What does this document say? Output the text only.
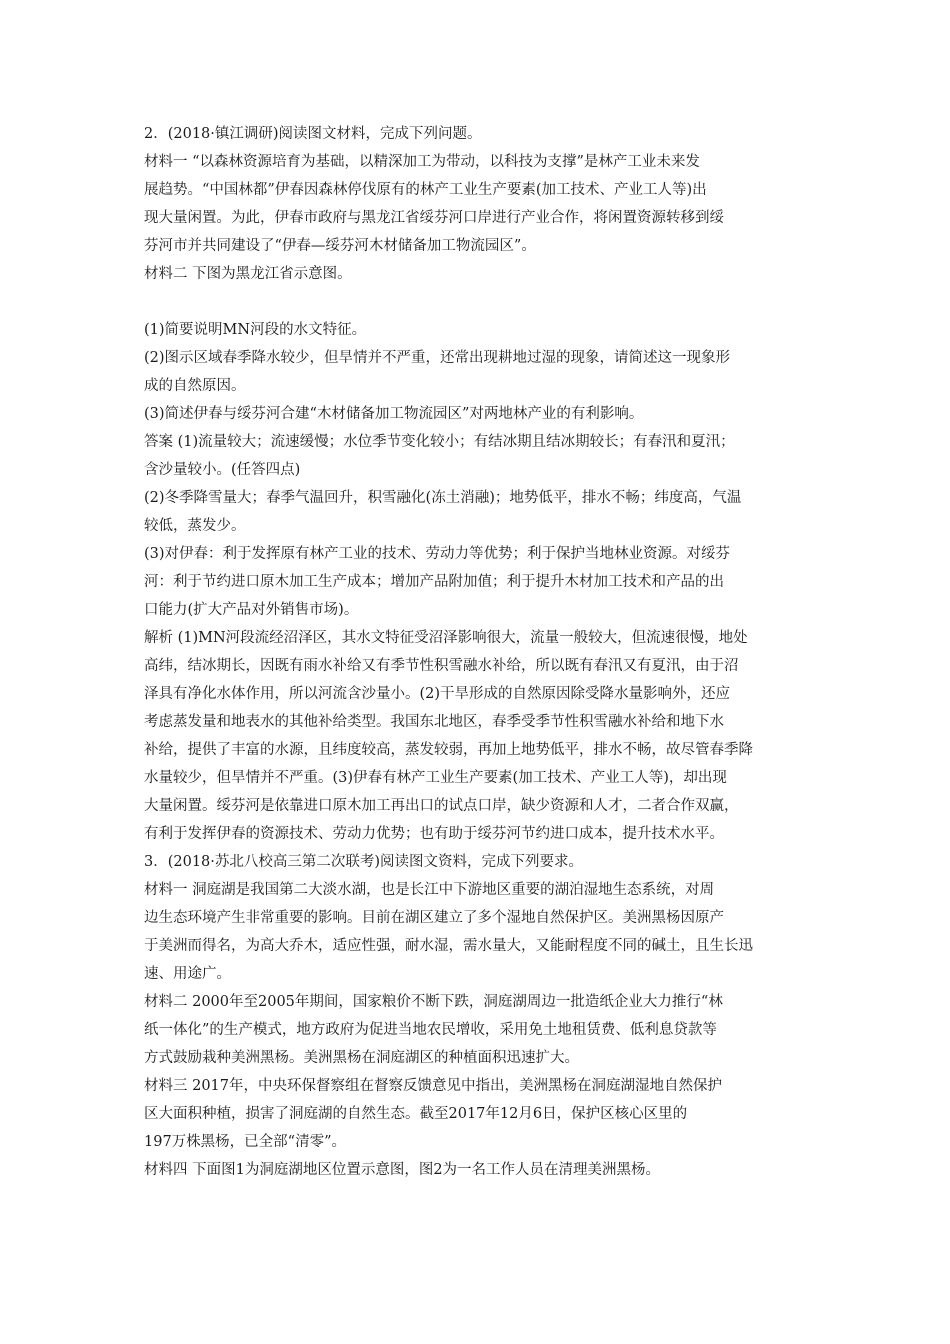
2．(2018·镇江调研)阅读图文材料，完成下列问题。
材料一 “以森林资源培育为基础，以精深加工为带动，以科技为支撑”是林产工业未来发
展趋势。“中国林都”伊春因森林停伐原有的林产工业生产要素(加工技术、产业工人等)出
现大量闲置。为此，伊春市政府与黑龙江省绥芬河口岸进行产业合作，将闲置资源转移到绥
芬河市并共同建设了“伊春—绥芬河木材储备加工物流园区”。
材料二 下图为黑龙江省示意图。
(1)简要说明MN河段的水文特征。
(2)图示区域春季降水较少，但旱情并不严重，还常出现耕地过湿的现象，请简述这一现象形
成的自然原因。
(3)简述伊春与绥芬河合建“木材储备加工物流园区”对两地林产业的有利影响。
答案 (1)流量较大；流速缓慢；水位季节变化较小；有结冰期且结冰期较长；有春汛和夏汛；
含沙量较小。(任答四点)
(2)冬季降雪量大；春季气温回升，积雪融化(冻土消融)；地势低平，排水不畅；纬度高，气温
较低，蒸发少。
(3)对伊春：利于发挥原有林产工业的技术、劳动力等优势；利于保护当地林业资源。对绥芬
河：利于节约进口原木加工生产成本；增加产品附加值；利于提升木材加工技术和产品的出
口能力(扩大产品对外销售市场)。
解析 (1)MN河段流经沼泽区，其水文特征受沼泽影响很大，流量一般较大，但流速很慢，地处
高纬，结冰期长，因既有雨水补给又有季节性积雪融水补给，所以既有春汛又有夏汛，由于沼
泽具有净化水体作用，所以河流含沙量小。(2)干旱形成的自然原因除受降水量影响外，还应
考虑蒸发量和地表水的其他补给类型。我国东北地区，春季受季节性积雪融水补给和地下水
补给，提供了丰富的水源，且纬度较高，蒸发较弱，再加上地势低平，排水不畅，故尽管春季降
水量较少，但旱情并不严重。(3)伊春有林产工业生产要素(加工技术、产业工人等)，却出现
大量闲置。绥芬河是依靠进口原木加工再出口的试点口岸，缺少资源和人才，二者合作双赢，
有利于发挥伊春的资源技术、劳动力优势；也有助于绥芬河节约进口成本，提升技术水平。
3．(2018·苏北八校高三第二次联考)阅读图文资料，完成下列要求。
材料一 洞庭湖是我国第二大淡水湖，也是长江中下游地区重要的湖泊湿地生态系统，对周
边生态环境产生非常重要的影响。目前在湖区建立了多个湿地自然保护区。美洲黑杨因原产
于美洲而得名，为高大乔木，适应性强，耐水湿，需水量大，又能耐程度不同的碱土，且生长迅
速、用途广。
材料二 2000年至2005年期间，国家粮价不断下跌，洞庭湖周边一批造纸企业大力推行“林
纸一体化”的生产模式，地方政府为促进当地农民增收，采用免土地租赁费、低利息贷款等
方式鼓励栽种美洲黑杨。美洲黑杨在洞庭湖区的种植面积迅速扩大。
材料三 2017年，中央环保督察组在督察反馈意见中指出，美洲黑杨在洞庭湖湿地自然保护
区大面积种植，损害了洞庭湖的自然生态。截至2017年12月6日，保护区核心区里的
197万株黑杨，已全部“清零”。
材料四 下面图1为洞庭湖地区位置示意图，图2为一名工作人员在清理美洲黑杨。
